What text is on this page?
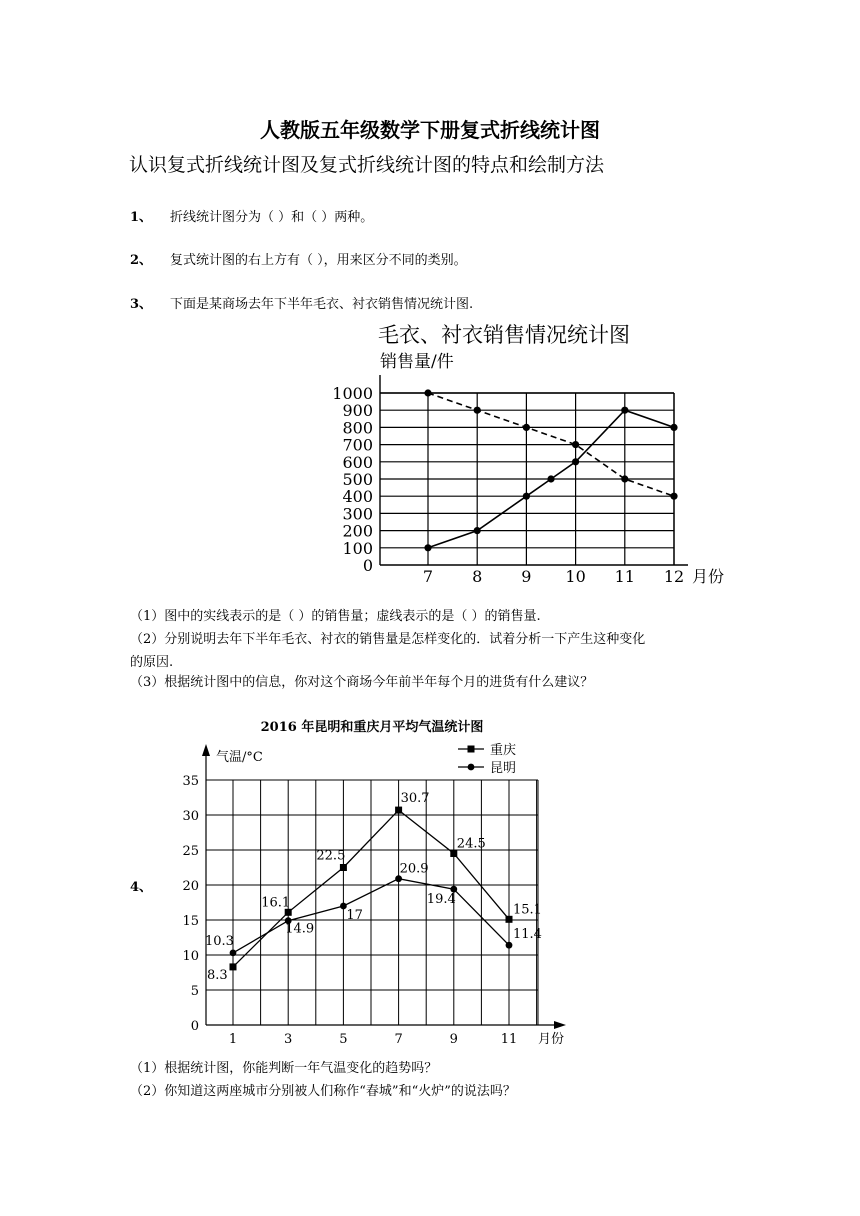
人教版五年级数学下册复式折线统计图
认识复式折线统计图及复式折线统计图的特点和绘制方法
1、 折线统计图分为（ ）和（ ）两种。
2、 复式统计图的右上方有（ ），用来区分不同的类别。
3、 下面是某商场去年下半年毛衣、衬衣销售情况统计图.
毛衣、衬衣销售情况统计图
销售量/件
0
100
200
300
400
500
600
700
800
900
1000
7 8 9 10 11 12 月份
（1）图中的实线表示的是（ ）的销售量；虚线表示的是（ ）的销售量.
（2）分别说明去年下半年毛衣、衬衣的销售量是怎样变化的．试着分析一下产生这种变化
的原因.
（3）根据统计图中的信息，你对这个商场今年前半年每个月的进货有什么建议？
4、
2016 年昆明和重庆月平均气温统计图
气温/°C
0
5
10
15
20
25
30
35
1	3	5	7	9	11 月份
重庆
昆明
8.3
16.1
22.5
30.7
24.5
15.1
10.3
14.9
17
20.9
19.4
11.4
（1）根据统计图，你能判断一年气温变化的趋势吗？
（2）你知道这两座城市分别被人们称作“春城”和“火炉”的说法吗？
